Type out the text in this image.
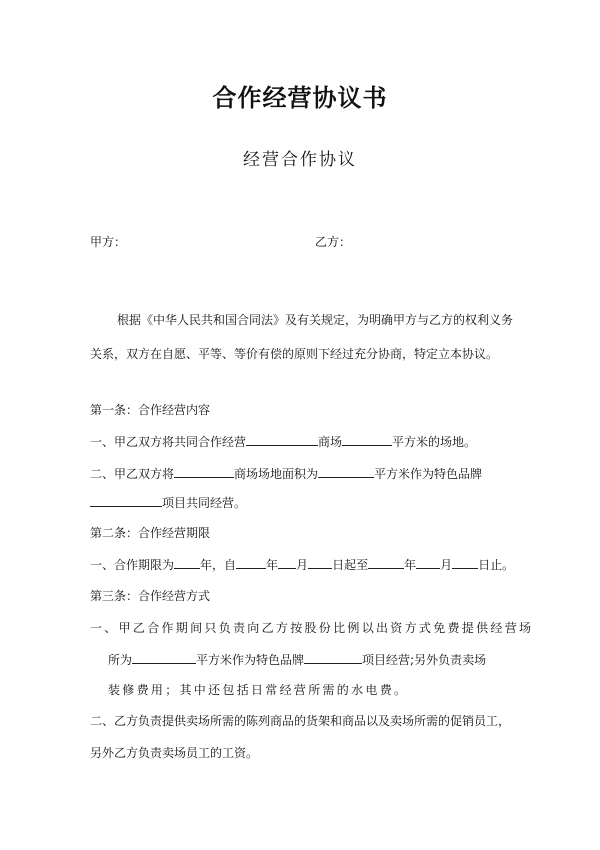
合作经营协议书
经营合作协议
甲方：	乙方：
根据《中华人民共和国合同法》及有关规定，为明确甲方与乙方的权利义务
关系，双方在自愿、平等、等价有偿的原则下经过充分协商，特定立本协议。
第一条：合作经营内容
一、甲乙双方将共同合作经营	商场	平方米的场地。
二、甲乙双方将	商场场地面积为	平方米作为特色品牌
项目共同经营。
第二条：合作经营期限
一、合作期限为 年，自	年 月 日起至	年 月 日止。
第三条：合作经营方式
一、甲乙合作期间只负责向乙方按股份比例以出资方式免费提供经营场
所为	平方米作为特色品牌	项目经营;另外负责卖场
装修费用；其中还包括日常经营所需的水电费。
二、乙方负责提供卖场所需的陈列商品的货架和商品以及卖场所需的促销员工，
另外乙方负责卖场员工的工资。
